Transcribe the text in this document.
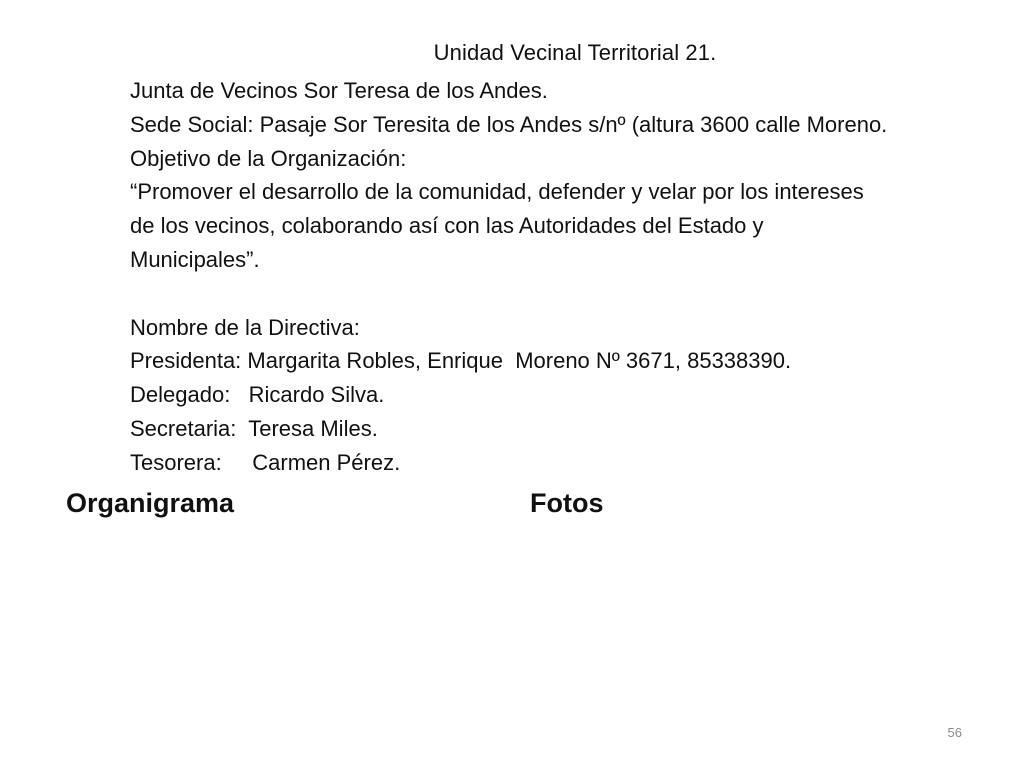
Unidad Vecinal Territorial 21.
Junta de Vecinos Sor Teresa de los Andes.
Sede Social: Pasaje Sor Teresita de los Andes s/nº (altura 3600 calle Moreno.
Objetivo de la Organización:
“Promover el desarrollo de la comunidad, defender y velar por los intereses
de los vecinos, colaborando así con las Autoridades del Estado y
Municipales”.
Nombre de la Directiva:
Presidenta: Margarita Robles, Enrique  Moreno Nº 3671, 85338390.
Delegado:   Ricardo Silva.
Secretaria:  Teresa Miles.
Tesorera:     Carmen Pérez.
Organigrama	Fotos
56
